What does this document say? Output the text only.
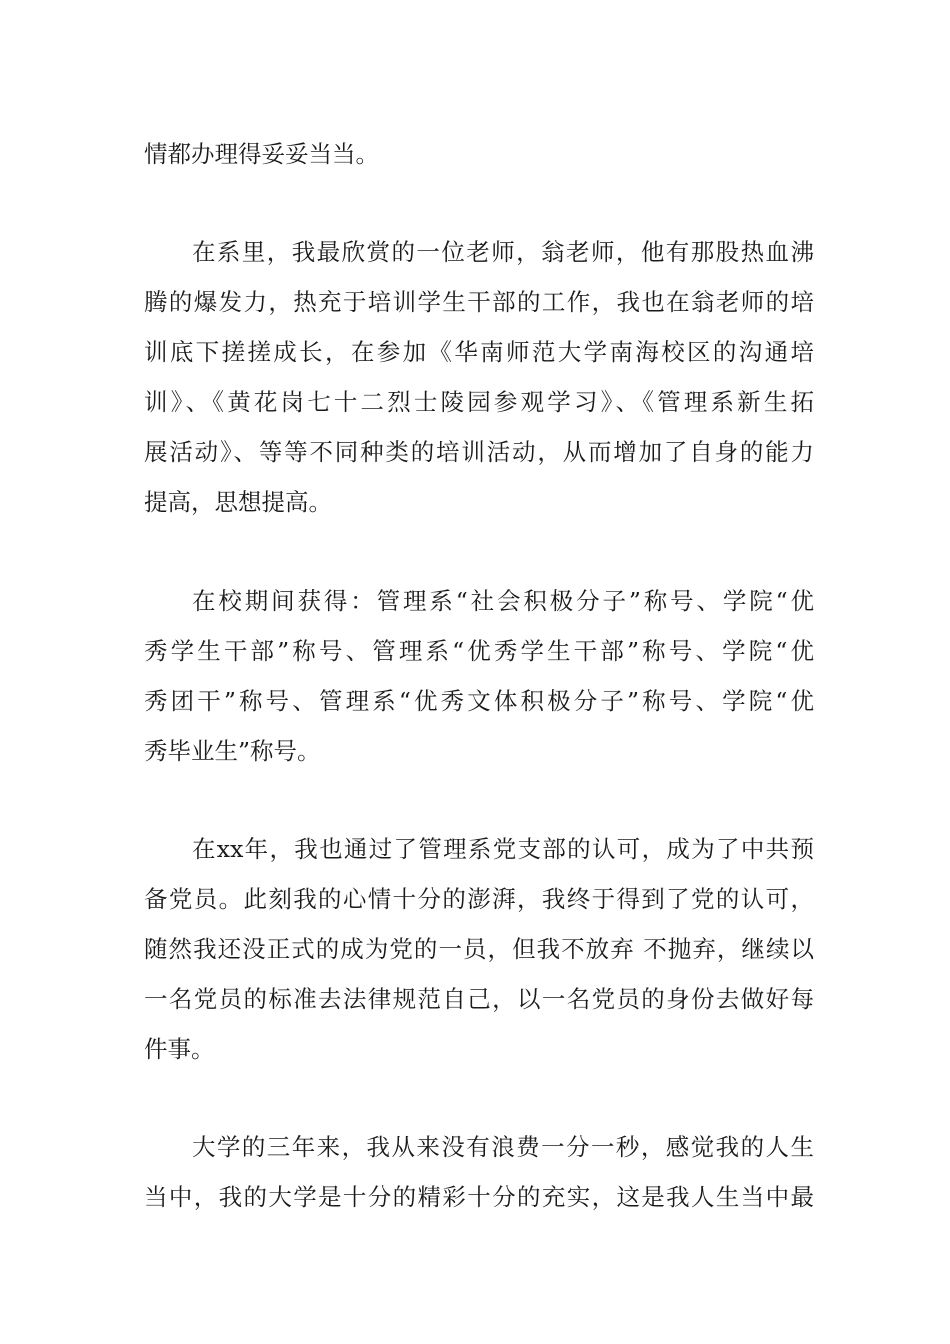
情都办理得妥妥当当。
在系里，我最欣赏的一位老师，翁老师，他有那股热血沸
腾的爆发力，热充于培训学生干部的工作，我也在翁老师的培
训底下搓搓成长，在参加《华南师范大学南海校区的沟通培
训》、《黄花岗七十二烈士陵园参观学习》、《管理系新生拓
展活动》、等等不同种类的培训活动，从而增加了自身的能力
提高，思想提高。
在校期间获得：管理系“社会积极分子”称号、学院“优
秀学生干部”称号、管理系“优秀学生干部”称号、学院“优
秀团干”称号、管理系“优秀文体积极分子”称号、学院“优
秀毕业生”称号。
在xx年，我也通过了管理系党支部的认可，成为了中共预
备党员。此刻我的心情十分的澎湃，我终于得到了党的认可，
随然我还没正式的成为党的一员，但我不放弃 不抛弃，继续以
一名党员的标准去法律规范自己，以一名党员的身份去做好每
件事。
大学的三年来，我从来没有浪费一分一秒，感觉我的人生
当中，我的大学是十分的精彩十分的充实，这是我人生当中最
